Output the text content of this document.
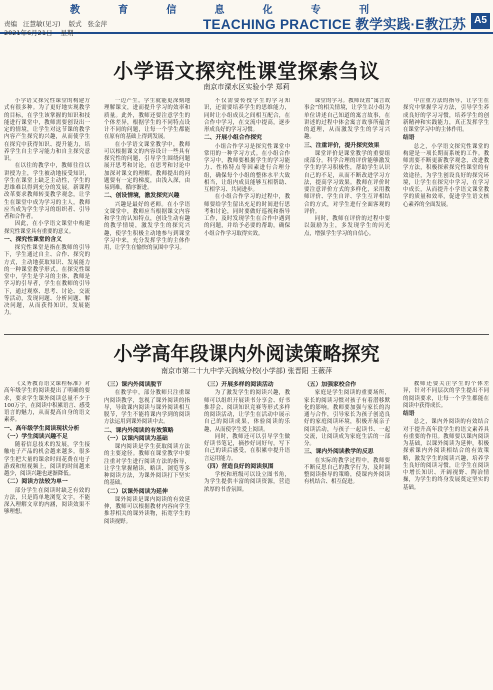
教	育	信	息	化	专	刊
责编 汪慧敏(见习) 版式 张金萍
2021年6月21日 星期一
TEACHING PRACTICE 教学实践·E教江苏 A5
小学语文探究性课堂探索刍议
南京市溧水区实验小学 郑莉

小学语文探究性课堂的构建方式有很多种。为了更好地实现教学的目标，在学生该掌握的知识和技能进行课堂中，教师需要创设出一定的情境，让学生对这节课的教学内容产生探究的兴趣，从而使学生在探究中获得知识、提升能力，培养学生自主学习能力和自主探究意识。

在以往的教学中，教师往往以讲授为主，学生被动地接受知识，学生在课堂上缺乏主动性，学生的思维难以得到充分的发展。新课程改革要求教师转变教学观念，让学生在课堂中成为学习的主人，教师应当成为学生学习的组织者、引导者和合作者。

因此，在小学语文课堂中构建探究性课堂具有重要的意义。

一、探究性课堂的含义

探究性课堂是指在教师的引导下，学生通过自主、合作、探究的方式，主动地获取知识、发展能力的一种课堂教学形式。在探究性课堂中，学生是学习的主体，教师是学习的引导者，学生在教师的引导下，通过观察、思考、讨论、交流等活动，发现问题、分析问题、解决问题，从而获得知识，发展能力。

一边产生，学生就能更深刻地理解课文，进而提升学习的效率和质量。此外，教师还要注意学生的个体差异，根据学生的不同特点设计不同的问题，让每一个学生都能在原有的基础上得到发展。

在小学语文课堂教学中，教师可以根据课文的内容设计一些具有探究性的问题，引导学生围绕问题展开思考和讨论，在思考和讨论中加深对课文的理解。教师提出的问题要有一定的梯度，由浅入深，由易到难，循序渐进。

二、创设情境，激发探究兴趣

兴趣是最好的老师。在小学语文课堂中，教师应当根据课文内容和学生的认知特点，创设生动有趣的教学情境，激发学生的探究兴趣，使学生积极主动地参与到课堂学习中来，充分发挥学生的主体作用，让学生在愉快的氛围中学习。

不仅需要传授学生的学习知识，还需要培养学生的思维能力，同时让小组成员之间相互配合，在合作中学习，在交流中提高，逐步形成良好的学习习惯。

二、开展小组合作探究

小组合作学习是探究性课堂中常用的一种学习方式。在小组合作学习中，教师要根据学生的学习能力、性格特点等因素进行合理分组，确保每个小组的整体水平大致相当，让组内成员能够互相帮助、互相学习、共同进步。

在小组合作学习的过程中，教师要给学生留出充足的时间进行思考和讨论，同时要做好巡视和指导工作，及时发现学生在合作中遇到的问题，并给予必要的帮助，确保小组合作学习取得实效。

课堂的学习。教师设置“寓言故事会”的相关情境，让学生以小组为单位讲述自己知道的寓言故事，在讲述的过程中体会寓言故事所蕴含的道理，从而激发学生的学习兴趣。

三、注重评价，提升探究效果

课堂评价是课堂教学的重要组成部分。科学合理的评价能够激发学生的学习积极性，帮助学生认识自己的不足，从而不断改进学习方法，提高学习效果。教师在评价时要注意评价方式的多样化，采用教师评价、学生自评、学生互评相结合的方式，对学生进行全面客观的评价。

同时，教师在评价的过程中要以鼓励为主，多发现学生的闪光点，增强学生学习的自信心。

中注重方法的指导，让学生在探究中掌握学习方法，引导学生养成良好的学习习惯，培养学生的创新精神和实践能力，真正发挥学生在课堂学习中的主体作用。

结语

总之，小学语文探究性课堂的构建是一项长期而系统的工作。教师需要不断更新教学观念，改进教学方法，积极探索探究性课堂的有效途径，为学生创设良好的探究环境，让学生在探究中学习，在学习中成长，从而提升小学语文课堂教学的质量和效率，促进学生语文核心素养的全面发展。

小学高年段课内外阅读策略探究
南京市第二十九中学天润城分校(小学部) 张晋阳 王薇萍

《义务教育语文课程标准》对高年级学生的阅读提出了明确的要求，要求学生课外阅读总量不少于100万字，在阅读中积累语言、感受语言的魅力，从而提高自身的语文素养。

一、高年级学生阅读现状分析
（一）学生阅读兴趣不足

随着信息技术的发展，学生接触电子产品的机会越来越多，很多学生把大量的课余时间花费在电子游戏和短视频上，阅读的时间越来越少，阅读兴趣也逐渐降低。

（二）阅读方法较为单一

部分学生在阅读时缺乏有效的方法，只是简单地浏览文字，不能深入理解文章的内涵，阅读效果不够理想。

（三）课内外阅读脱节

在教学中，部分教师只注重课内阅读教学，忽视了课外阅读的指导，导致课内阅读与课外阅读相互脱节，学生不能将课内学到的阅读方法运用到课外阅读中去。

二、课内外阅读的有效策略
（一）以课内阅读为基础

课内阅读是学生获取阅读方法的主要途径。教师在课堂教学中要注重对学生进行阅读方法的指导，让学生掌握精读、略读、浏览等多种阅读方法，为课外阅读打下坚实的基础。

（二）以课外阅读为延伸

课外阅读是课内阅读的有效延伸，教师可以根据教材内容向学生推荐相关的课外读物，拓宽学生的阅读视野。

（三）开展多样的阅读活动

为了激发学生的阅读兴趣，教师可以组织开展读书分享会、好书推荐会、阅读知识竞赛等形式多样的阅读活动，让学生在活动中展示自己的阅读成果，体验阅读的乐趣，从而使学生爱上阅读。

同时，教师还可以引导学生做好读书笔记，摘抄好词好句，写下自己的读后感受，在积累中提升语言运用能力。

（四）营造良好的阅读氛围

学校和班级可以设立图书角，为学生提供丰富的阅读资源，营造浓厚的书香氛围。

（五）加强家校合作

家庭是学生阅读的重要场所，家长的阅读习惯对孩子有着潜移默化的影响。教师要加强与家长的沟通与合作，引导家长为孩子创造良好的家庭阅读环境，积极开展亲子阅读活动，与孩子一起读书、一起交流，让阅读成为家庭生活的一部分。

三、课内外阅读教学的反思

在实际的教学过程中，教师要不断反思自己的教学行为，及时调整阅读指导的策略，使课内外阅读有机结合、相互促进。

教师还要关注学生的个体差异，针对不同层次的学生提出不同的阅读要求，让每一个学生都能在阅读中获得成长。

结语

总之，课内外阅读的有效结合对于提升高年段学生的语文素养具有重要的作用。教师要以课内阅读为基础，以课外阅读为延伸，积极探索课内外阅读相结合的有效策略，激发学生的阅读兴趣，培养学生良好的阅读习惯，让学生在阅读中增长知识、开阔视野、陶冶情操，为学生的终身发展奠定坚实的基础。
